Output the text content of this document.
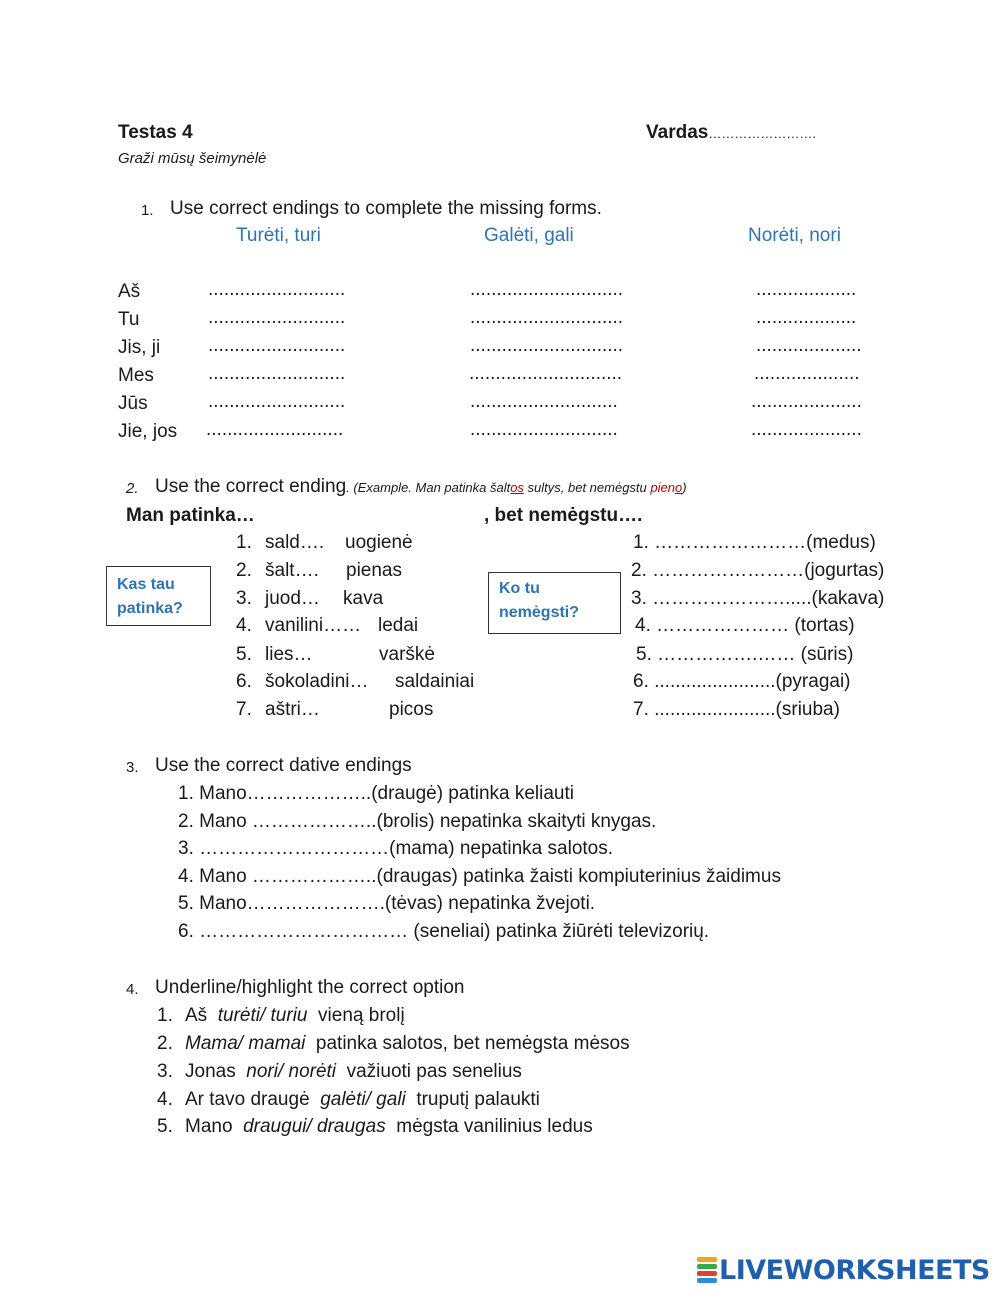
Testas 4
Graži mūsų šeimynėlė
Vardas…………………….
1. Use correct endings to complete the missing forms.
Turėti, turi	Galėti, gali	Norėti, nori
Aš	..........................	.............................	...................
Tu	..........................	.............................	...................
Jis, ji	..........................	.............................	....................
Mes	..........................	.............................	....................
Jūs	..........................	............................	.....................
Jie, jos ..........................	............................	.....................
2. Use the correct ending. (Example. Man patinka šaltos sultys, bet nemėgstu pieno)
Man patinka…	, bet nemėgstu….
Kas tau patinka?
Ko tu nemėgsti?
1. sald…. uogienė
2. šalt…. pienas
3. juod… kava
4. vanilini…… ledai
5. lies…	varškė
6. šokoladini… saldainiai
7. aštri…	picos
1. ……………………(medus)
2. ……………………(jogurtas)
3. ………………….....(kakava)
4. ………………… (tortas)
5. …………….…… (sūris)
6. .......................(pyragai)
7. .......................(sriuba)
3. Use the correct dative endings
1. Mano………………..(draugė) patinka keliauti
2. Mano ………………..(brolis) nepatinka skaityti knygas.
3. …………………………(mama) nepatinka salotos.
4. Mano ………………..(draugas) patinka žaisti kompiuterinius žaidimus
5. Mano………………….(tėvas) nepatinka žvejoti.
6. …………………………… (seneliai) patinka žiūrėti televizorių.
4. Underline/highlight the correct option
1. Aš  turėti/ turiu  vieną brolį
2. Mama/ mamai  patinka salotos, bet nemėgsta mėsos
3. Jonas  nori/ norėti  važiuoti pas senelius
4. Ar tavo draugė  galėti/ gali  truputį palaukti
5. Mano  draugui/ draugas  mėgsta vanilinius ledus
LIVEWORKSHEETS
